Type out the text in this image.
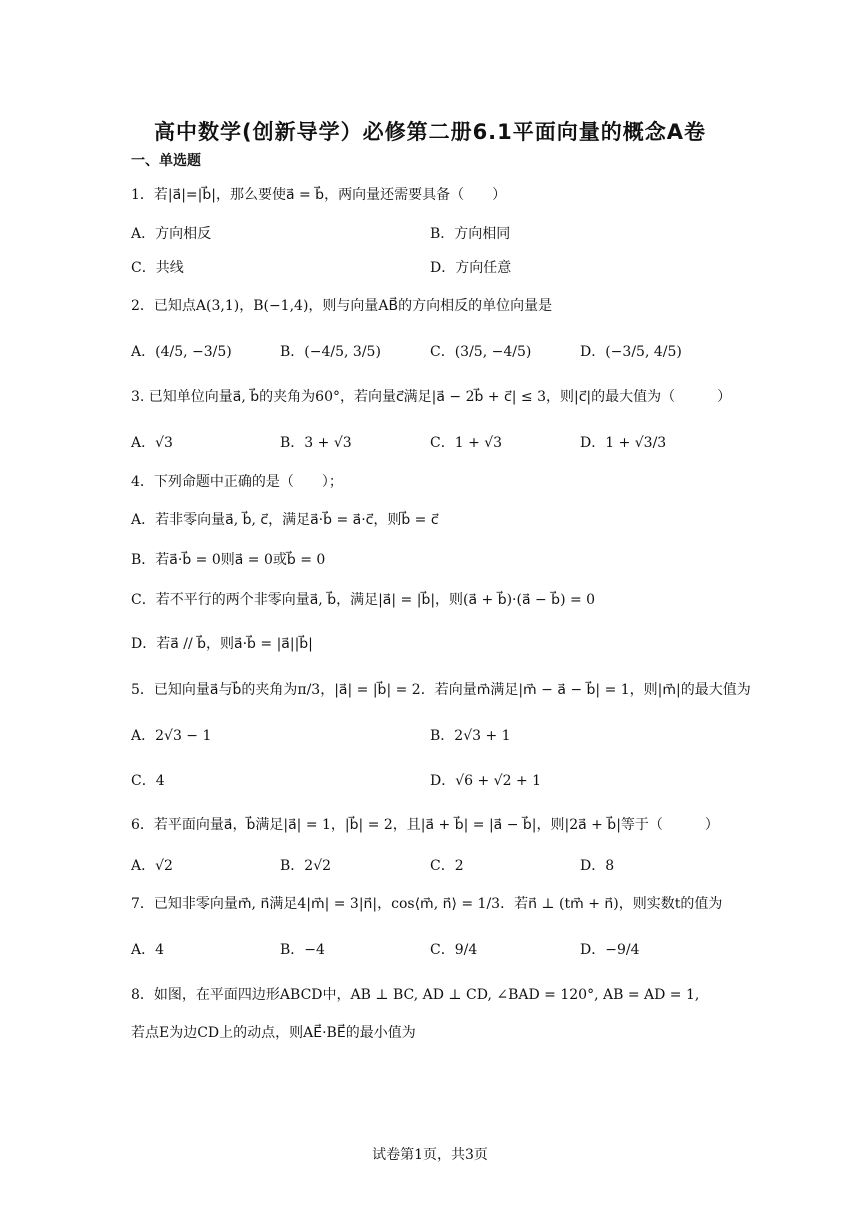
高中数学(创新导学）必修第二册6.1平面向量的概念A卷
一、单选题
1．若|a⃗|=|b⃗|，那么要使a⃗ = b⃗，两向量还需要具备（　　）
A．方向相反	B．方向相同
C．共线	D．方向任意
2．已知点A(3,1)，B(−1,4)，则与向量AB⃗的方向相反的单位向量是
A．(4/5, −3/5)	B．(−4/5, 3/5)	C．(3/5, −4/5)	D．(−3/5, 4/5)
3. 已知单位向量a⃗, b⃗的夹角为60°，若向量c⃗满足|a⃗ − 2b⃗ + c⃗| ≤ 3，则|c⃗|的最大值为（　　　）
A．√3	B．3 + √3	C．1 + √3	D．1 + √3/3
4．下列命题中正确的是（　　）；
A．若非零向量a⃗, b⃗, c⃗，满足a⃗·b⃗ = a⃗·c⃗，则b⃗ = c⃗
B．若a⃗·b⃗ = 0则a⃗ = 0或b⃗ = 0
C．若不平行的两个非零向量a⃗, b⃗，满足|a⃗| = |b⃗|，则(a⃗ + b⃗)·(a⃗ − b⃗) = 0
D．若a⃗ // b⃗，则a⃗·b⃗ = |a⃗||b⃗|
5．已知向量a⃗与b⃗的夹角为π/3，|a⃗| = |b⃗| = 2．若向量m⃗满足|m⃗ − a⃗ − b⃗| = 1，则|m⃗|的最大值为
A．2√3 − 1	B．2√3 + 1
C．4	D．√6 + √2 + 1
6．若平面向量a⃗，b⃗满足|a⃗| = 1，|b⃗| = 2，且|a⃗ + b⃗| = |a⃗ − b⃗|，则|2a⃗ + b⃗|等于（　　　）
A．√2	B．2√2	C．2	D．8
7．已知非零向量m⃗, n⃗满足4|m⃗| = 3|n⃗|，cos⟨m⃗, n⃗⟩ = 1/3．若n⃗ ⊥ (tm⃗ + n⃗)，则实数t的值为
A．4	B．−4	C．9/4	D．−9/4
8．如图，在平面四边形ABCD中，AB ⊥ BC, AD ⊥ CD, ∠BAD = 120°, AB = AD = 1,
若点E为边CD上的动点，则AE⃗·BE⃗的最小值为
试卷第1页，共3页
